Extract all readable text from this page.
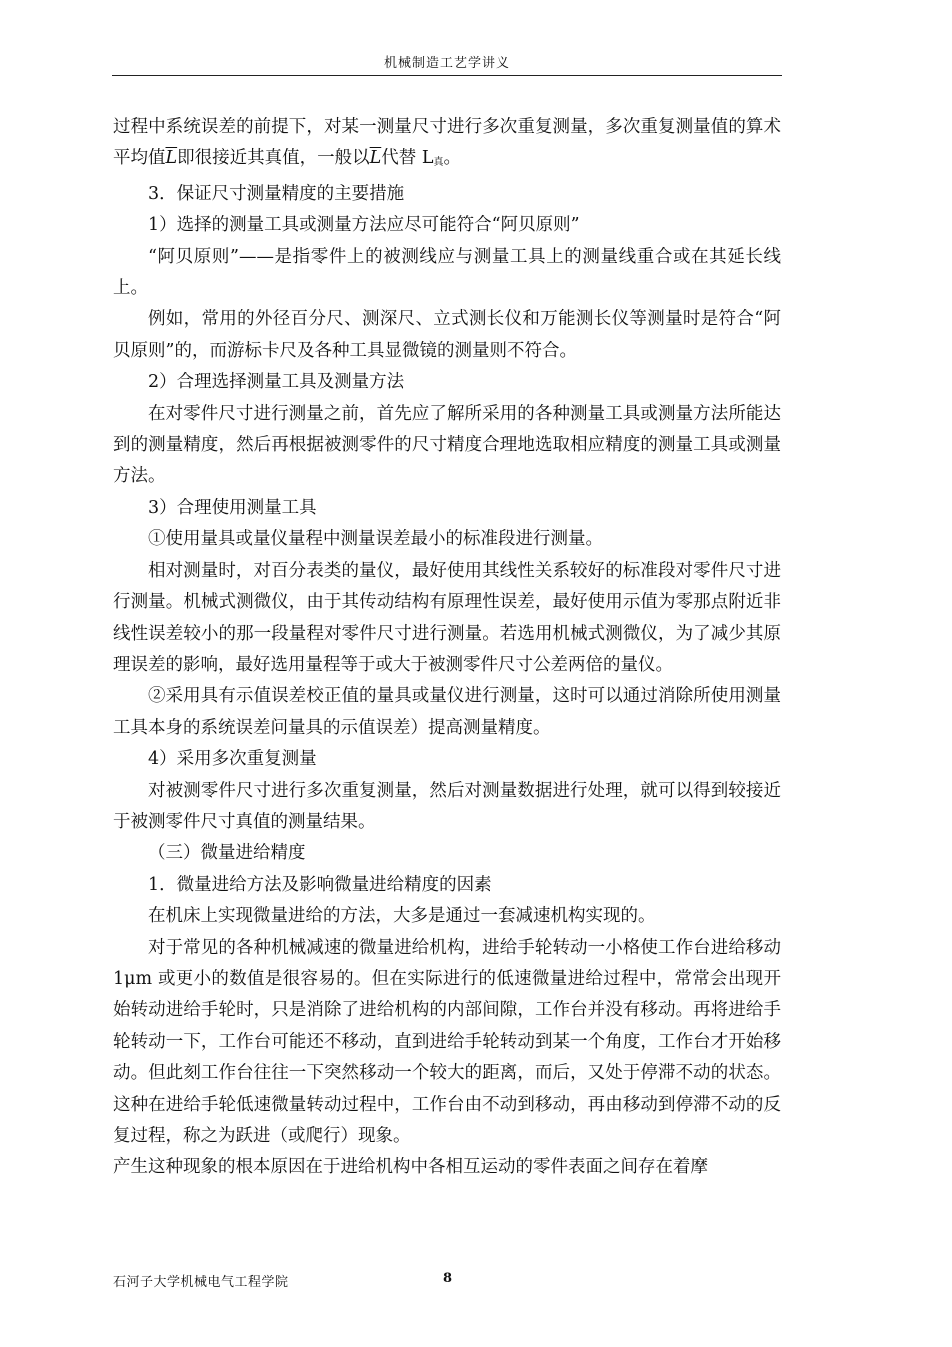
机械制造工艺学讲义

过程中系统误差的前提下，对某一测量尺寸进行多次重复测量，多次重复测量值的算术平均值$\overline{L}$即很接近其真值，一般以$\overline{L}$代替 $L_真$。

3．保证尺寸测量精度的主要措施

1）选择的测量工具或测量方法应尽可能符合“阿贝原则”

“阿贝原则”——是指零件上的被测线应与测量工具上的测量线重合或在其延长线上。

例如，常用的外径百分尺、测深尺、立式测长仪和万能测长仪等测量时是符合“阿贝原则”的，而游标卡尺及各种工具显微镜的测量则不符合。

2）合理选择测量工具及测量方法

在对零件尺寸进行测量之前，首先应了解所采用的各种测量工具或测量方法所能达到的测量精度，然后再根据被测零件的尺寸精度合理地选取相应精度的测量工具或测量方法。

3）合理使用测量工具

①使用量具或量仪量程中测量误差最小的标准段进行测量。

相对测量时，对百分表类的量仪，最好使用其线性关系较好的标准段对零件尺寸进行测量。机械式测微仪，由于其传动结构有原理性误差，最好使用示值为零那点附近非线性误差较小的那一段量程对零件尺寸进行测量。若选用机械式测微仪，为了减少其原理误差的影响，最好选用量程等于或大于被测零件尺寸公差两倍的量仪。

②采用具有示值误差校正值的量具或量仪进行测量，这时可以通过消除所使用测量工具本身的系统误差问量具的示值误差）提高测量精度。

4）采用多次重复测量

对被测零件尺寸进行多次重复测量，然后对测量数据进行处理，就可以得到较接近于被测零件尺寸真值的测量结果。

（三）微量进给精度

1．微量进给方法及影响微量进给精度的因素

在机床上实现微量进给的方法，大多是通过一套减速机构实现的。

对于常见的各种机械减速的微量进给机构，进给手轮转动一小格使工作台进给移动 1μm 或更小的数值是很容易的。但在实际进行的低速微量进给过程中，常常会出现开始转动进给手轮时，只是消除了进给机构的内部间隙，工作台并没有移动。再将进给手轮转动一下，工作台可能还不移动，直到进给手轮转动到某一个角度，工作台才开始移动。但此刻工作台往往一下突然移动一个较大的距离，而后，又处于停滞不动的状态。这种在进给手轮低速微量转动过程中，工作台由不动到移动，再由移动到停滞不动的反复过程，称之为跃进（或爬行）现象。

产生这种现象的根本原因在于进给机构中各相互运动的零件表面之间存在着摩

石河子大学机械电气工程学院	8
